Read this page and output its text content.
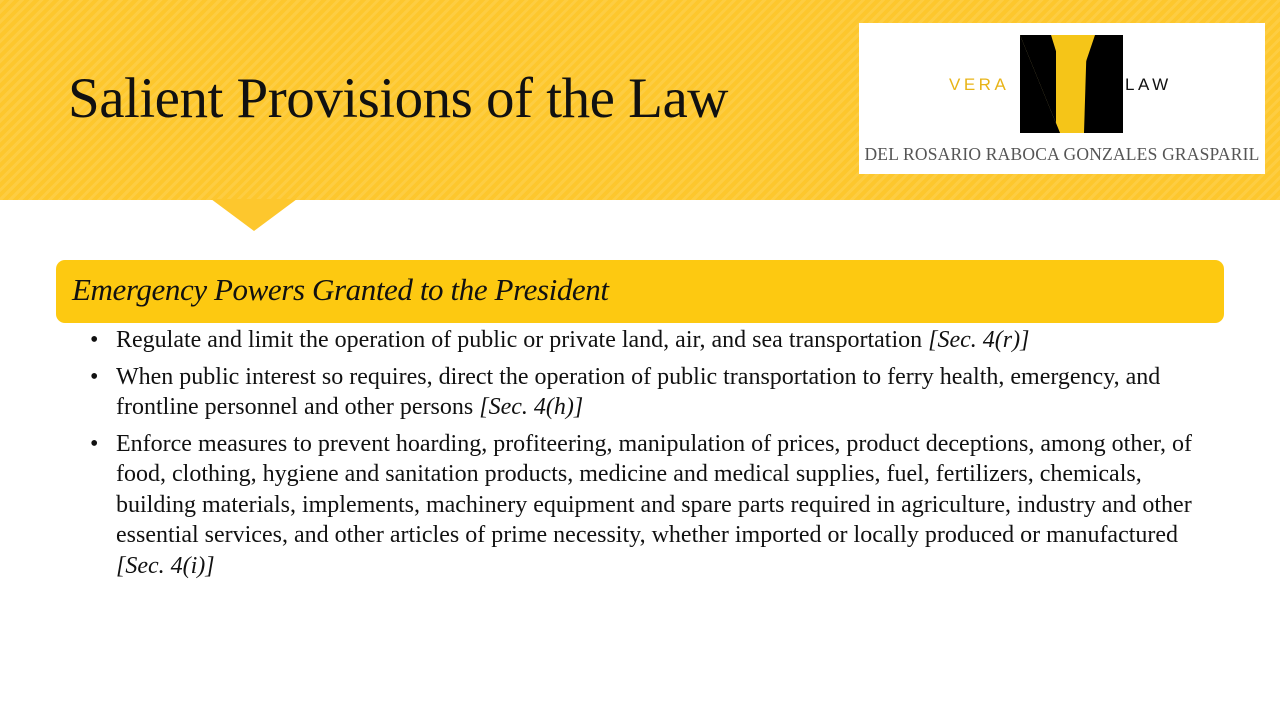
Salient Provisions of the Law	VERA	LAW
DEL ROSARIO RABOCA GONZALES GRASPARIL
Emergency Powers Granted to the President
• Regulate and limit the operation of public or private land, air, and sea transportation [Sec. 4(r)]
• When public interest so requires, direct the operation of public transportation to ferry health, emergency, and frontline personnel and other persons [Sec. 4(h)]
• Enforce measures to prevent hoarding, profiteering, manipulation of prices, product deceptions, among other, of food, clothing, hygiene and sanitation products, medicine and medical supplies, fuel, fertilizers, chemicals, building materials, implements, machinery equipment and spare parts required in agriculture, industry and other essential services, and other articles of prime necessity, whether imported or locally produced or manufactured [Sec. 4(i)]
